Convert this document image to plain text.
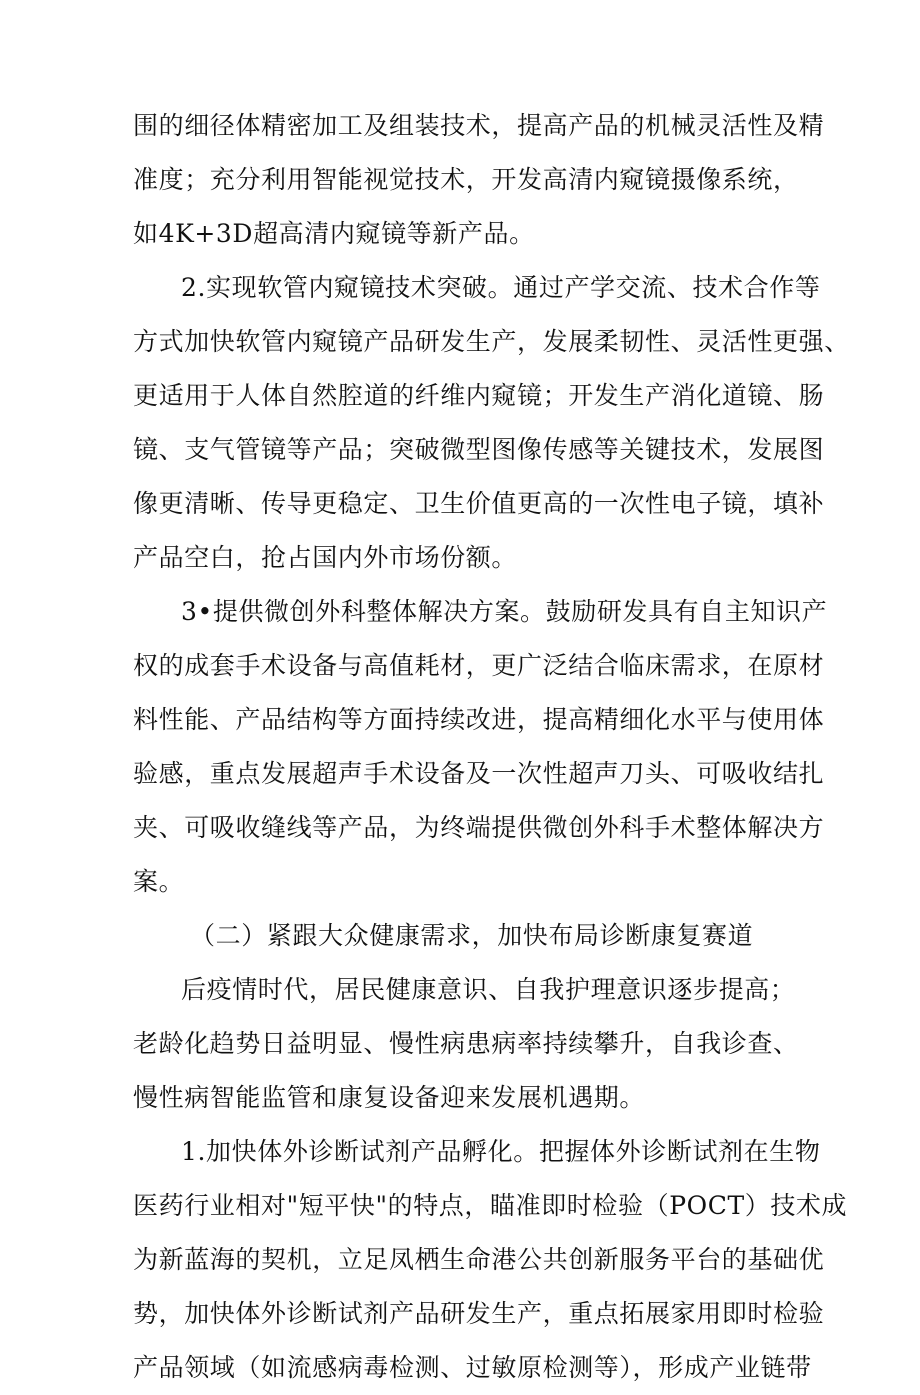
围的细径体精密加工及组装技术，提高产品的机械灵活性及精
准度；充分利用智能视觉技术，开发高清内窥镜摄像系统，
如4K+3D超高清内窥镜等新产品。

2.实现软管内窥镜技术突破。通过产学交流、技术合作等
方式加快软管内窥镜产品研发生产，发展柔韧性、灵活性更强、
更适用于人体自然腔道的纤维内窥镜；开发生产消化道镜、肠
镜、支气管镜等产品；突破微型图像传感等关键技术，发展图
像更清晰、传导更稳定、卫生价值更高的一次性电子镜，填补
产品空白，抢占国内外市场份额。

3•提供微创外科整体解决方案。鼓励研发具有自主知识产
权的成套手术设备与高值耗材，更广泛结合临床需求，在原材
料性能、产品结构等方面持续改进，提高精细化水平与使用体
验感，重点发展超声手术设备及一次性超声刀头、可吸收结扎
夹、可吸收缝线等产品，为终端提供微创外科手术整体解决方
案。

（二）紧跟大众健康需求，加快布局诊断康复赛道

后疫情时代，居民健康意识、自我护理意识逐步提高；
老龄化趋势日益明显、慢性病患病率持续攀升，自我诊查、
慢性病智能监管和康复设备迎来发展机遇期。

1.加快体外诊断试剂产品孵化。把握体外诊断试剂在生物
医药行业相对"短平快"的特点，瞄准即时检验（POCT）技术成
为新蓝海的契机，立足凤栖生命港公共创新服务平台的基础优
势，加快体外诊断试剂产品研发生产，重点拓展家用即时检验
产品领域（如流感病毒检测、过敏原检测等），形成产业链带
